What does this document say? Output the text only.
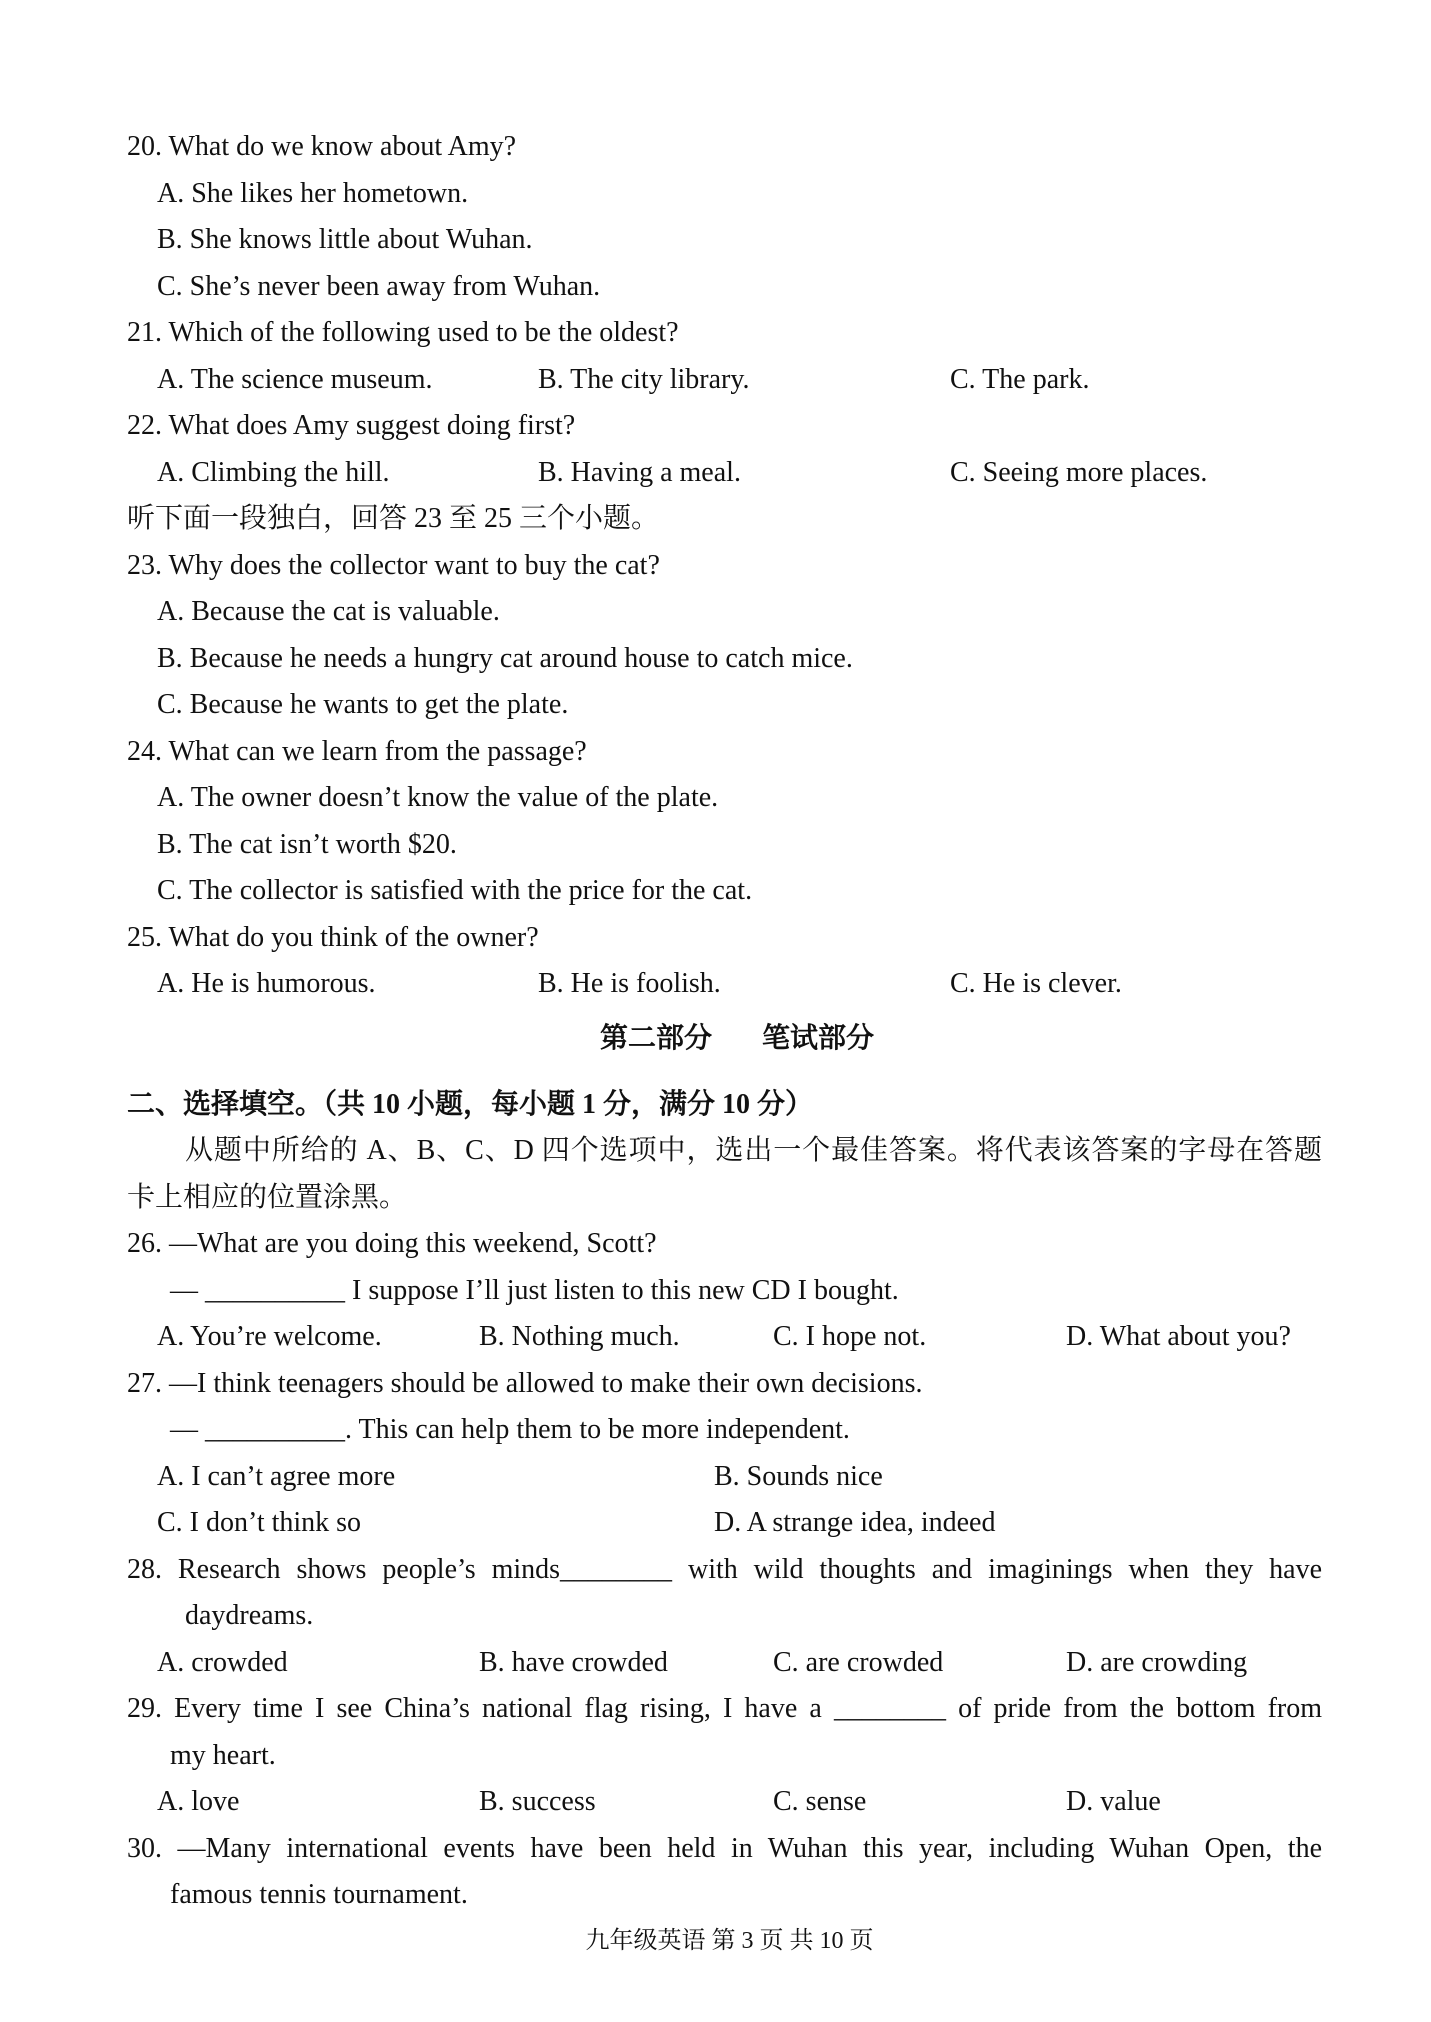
20. What do we know about Amy?
A. She likes her hometown.
B. She knows little about Wuhan.
C. She’s never been away from Wuhan.
21. Which of the following used to be the oldest?
A. The science museum.	B. The city library.	C. The park.
22. What does Amy suggest doing first?
A. Climbing the hill.	B. Having a meal.	C. Seeing more places.
听下面一段独白，回答 23 至 25 三个小题。
23. Why does the collector want to buy the cat?
A. Because the cat is valuable.
B. Because he needs a hungry cat around house to catch mice.
C. Because he wants to get the plate.
24. What can we learn from the passage?
A. The owner doesn’t know the value of the plate.
B. The cat isn’t worth $20.
C. The collector is satisfied with the price for the cat.
25. What do you think of the owner?
A. He is humorous.	B. He is foolish.	C. He is clever.
第二部分 笔试部分
二、选择填空。（共 10 小题，每小题 1 分，满分 10 分）
从题中所给的 A、B、C、D 四个选项中，选出一个最佳答案。将代表该答案的字母在答题
卡上相应的位置涂黑。
26. —What are you doing this weekend, Scott?
— __________ I suppose I’ll just listen to this new CD I bought.
A. You’re welcome.	B. Nothing much.	C. I hope not.	D. What about you?
27. —I think teenagers should be allowed to make their own decisions.
— __________. This can help them to be more independent.
A. I can’t agree more	B. Sounds nice
C. I don’t think so	D. A strange idea, indeed
28. Research shows people’s minds________ with wild thoughts and imaginings when they have
daydreams.
A. crowded	B. have crowded	C. are crowded	D. are crowding
29. Every time I see China’s national flag rising, I have a ________ of pride from the bottom from
my heart.
A. love	B. success	C. sense	D. value
30. —Many international events have been held in Wuhan this year, including Wuhan Open, the
famous tennis tournament.
九年级英语 第 3 页 共 10 页
